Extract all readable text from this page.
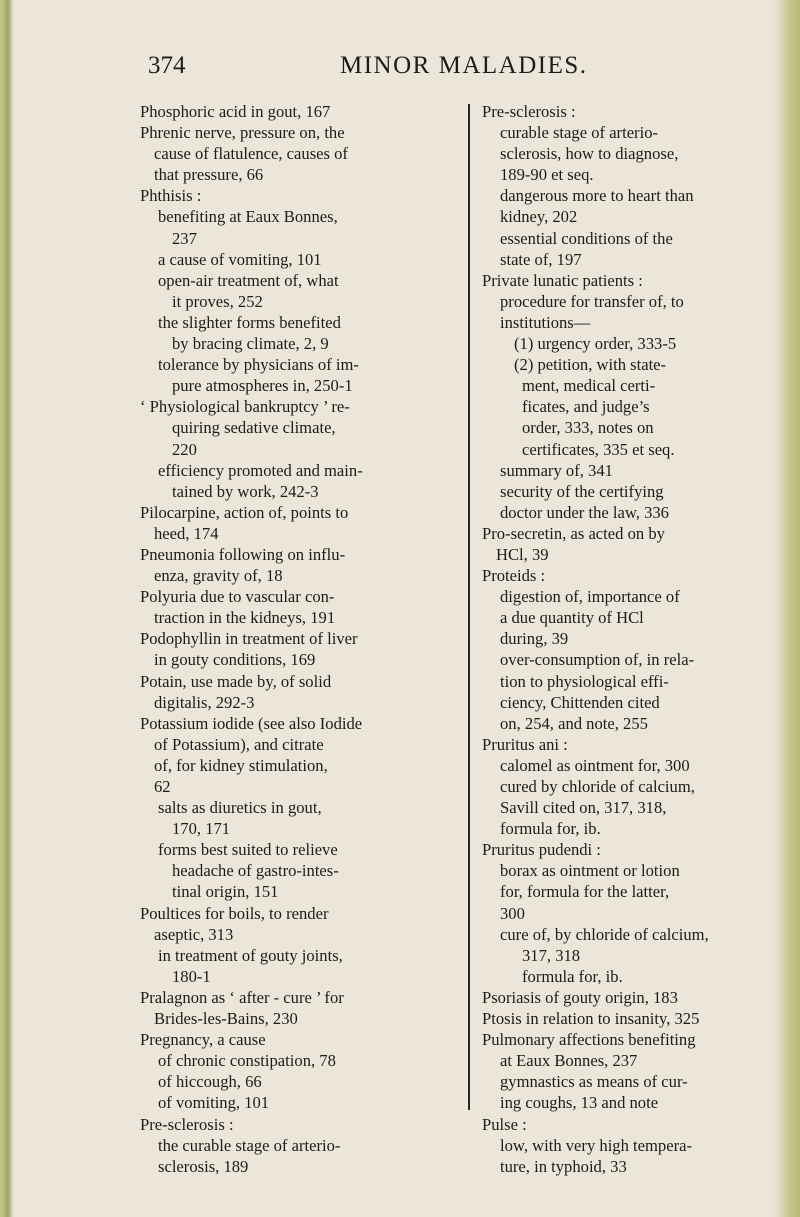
374	MINOR MALADIES.
Phosphoric acid in gout, 167
Phrenic nerve, pressure on, the
cause of flatulence, causes of
that pressure, 66
Phthisis :
benefiting at Eaux Bonnes,
237
a cause of vomiting, 101
open-air treatment of, what
it proves, 252
the slighter forms benefited
by bracing climate, 2, 9
tolerance by physicians of im-
pure atmospheres in, 250-1
‘ Physiological bankruptcy ’ re-
quiring sedative climate,
220
efficiency promoted and main-
tained by work, 242-3
Pilocarpine, action of, points to
heed, 174
Pneumonia following on influ-
enza, gravity of, 18
Polyuria due to vascular con-
traction in the kidneys, 191
Podophyllin in treatment of liver
in gouty conditions, 169
Potain, use made by, of solid
digitalis, 292-3
Potassium iodide (see also Iodide
of Potassium), and citrate
of, for kidney stimulation,
62
salts as diuretics in gout,
170, 171
forms best suited to relieve
headache of gastro-intes-
tinal origin, 151
Poultices for boils, to render
aseptic, 313
in treatment of gouty joints,
180-1
Pralagnon as ‘ after - cure ’ for
Brides-les-Bains, 230
Pregnancy, a cause
of chronic constipation, 78
of hiccough, 66
of vomiting, 101
Pre-sclerosis :
the curable stage of arterio-
sclerosis, 189
Pre-sclerosis :
curable stage of arterio-
sclerosis, how to diagnose,
189-90 et seq.
dangerous more to heart than
kidney, 202
essential conditions of the
state of, 197
Private lunatic patients :
procedure for transfer of, to
institutions—
(1) urgency order, 333-5
(2) petition, with state-
ment, medical certi-
ficates, and judge’s
order, 333, notes on
certificates, 335 et seq.
summary of, 341
security of the certifying
doctor under the law, 336
Pro-secretin, as acted on by
HCl, 39
Proteids :
digestion of, importance of
a due quantity of HCl
during, 39
over-consumption of, in rela-
tion to physiological effi-
ciency, Chittenden cited
on, 254, and note, 255
Pruritus ani :
calomel as ointment for, 300
cured by chloride of calcium,
Savill cited on, 317, 318,
formula for, ib.
Pruritus pudendi :
borax as ointment or lotion
for, formula for the latter,
300
cure of, by chloride of calcium,
317, 318
formula for, ib.
Psoriasis of gouty origin, 183
Ptosis in relation to insanity, 325
Pulmonary affections benefiting
at Eaux Bonnes, 237
gymnastics as means of cur-
ing coughs, 13 and note
Pulse :
low, with very high tempera-
ture, in typhoid, 33
